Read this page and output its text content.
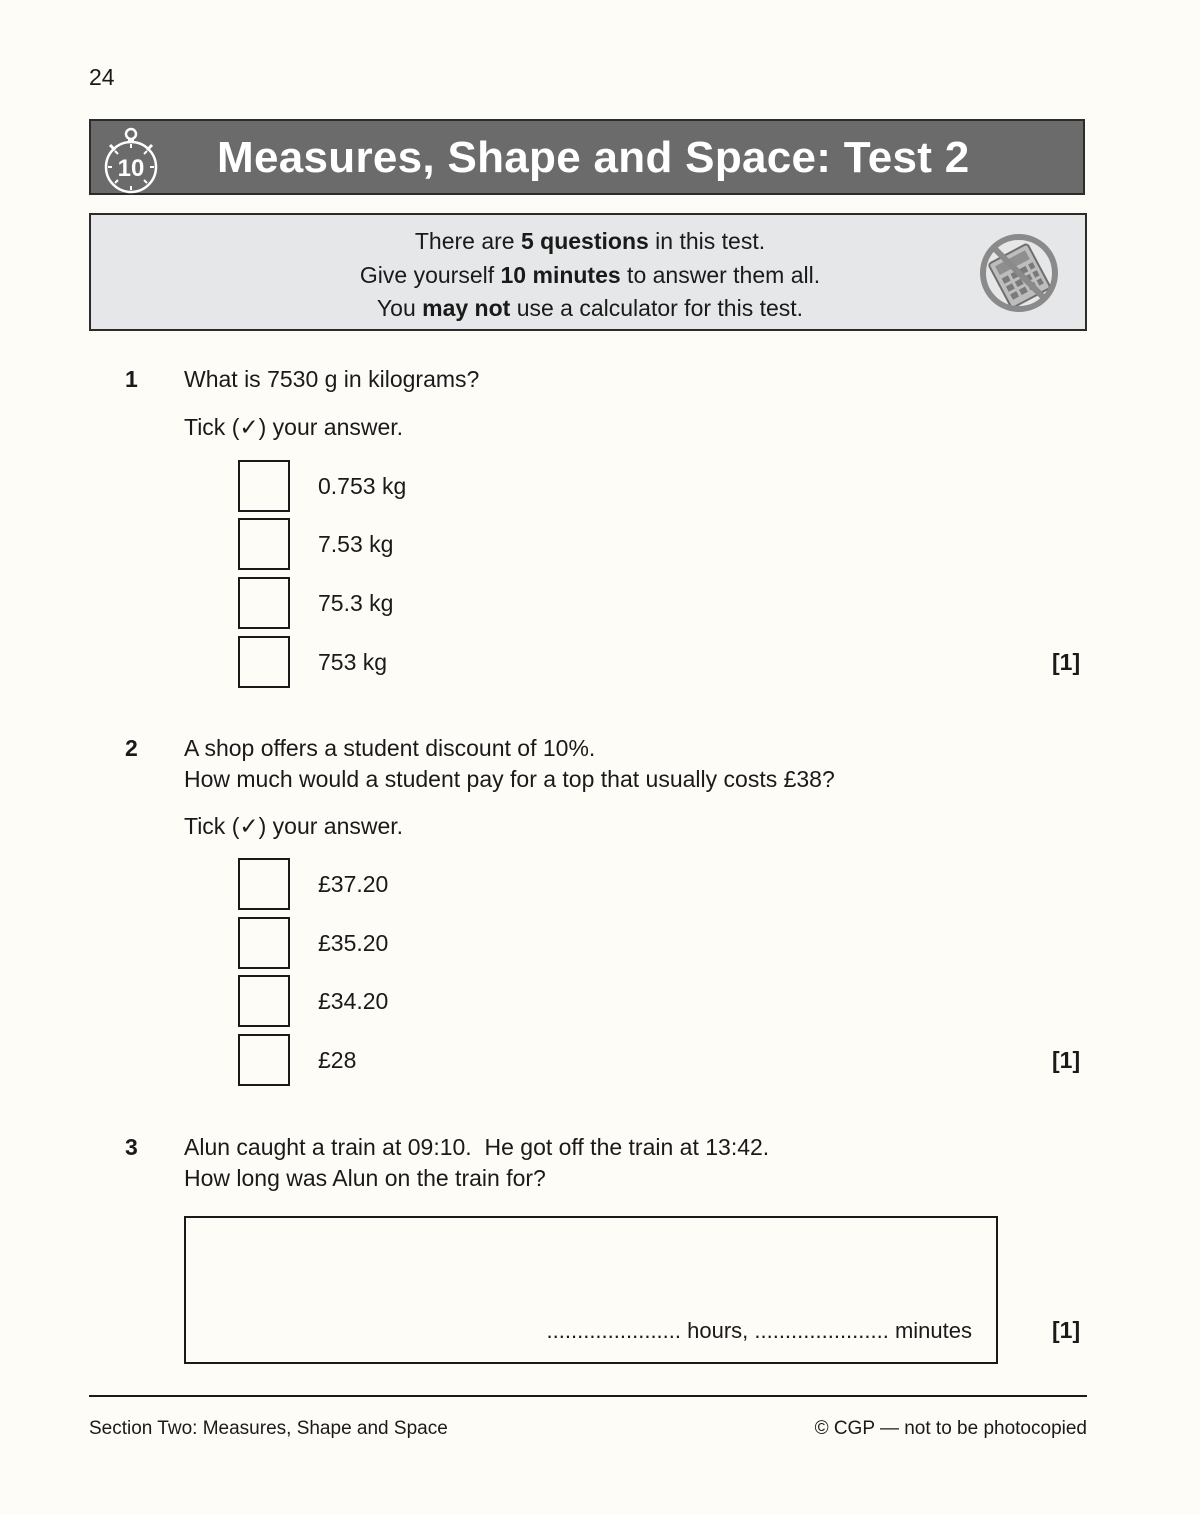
24
10 Measures, Shape and Space: Test 2
There are 5 questions in this test.
Give yourself 10 minutes to answer them all.
You may not use a calculator for this test.
1 What is 7530 g in kilograms?
Tick (✓) your answer.
0.753 kg
7.53 kg
75.3 kg
753 kg	[1]
2 A shop offers a student discount of 10%.
How much would a student pay for a top that usually costs £38?
Tick (✓) your answer.
£37.20
£35.20
£34.20
£28	[1]
3 Alun caught a train at 09:10.  He got off the train at 13:42.
How long was Alun on the train for?
...................... hours, ...................... minutes	[1]
Section Two: Measures, Shape and Space	© CGP — not to be photocopied
